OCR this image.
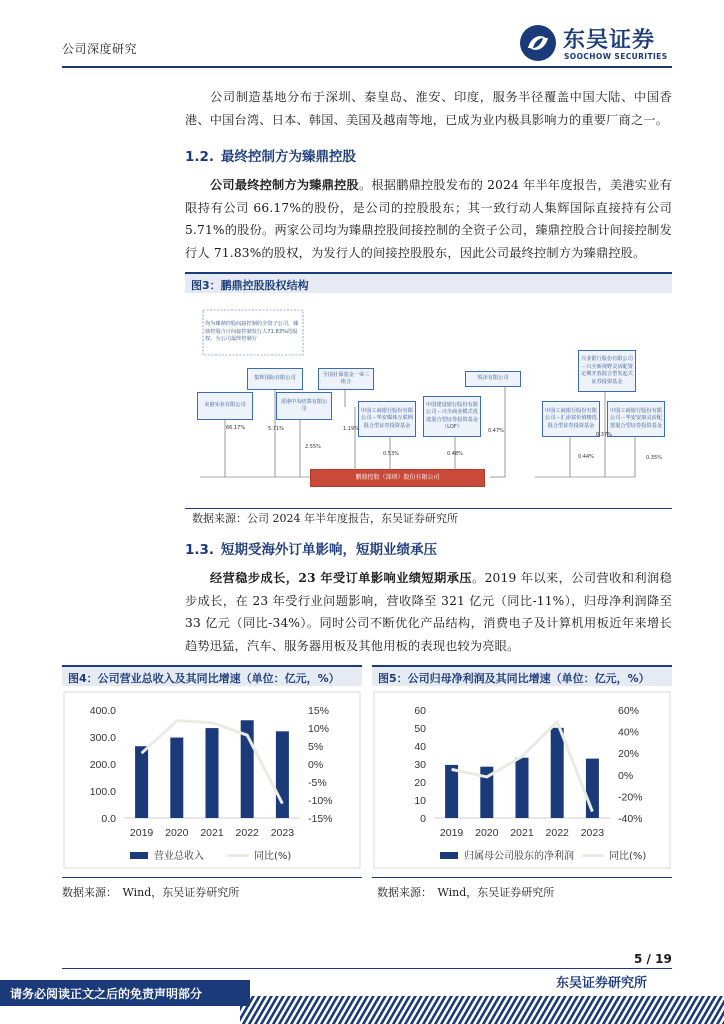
公司深度研究	东吴证券
SOOCHOW SECURITIES

公司制造基地分布于深圳、秦皇岛、淮安、印度，服务半径覆盖中国大陆、中国香港、中国台湾、日本、韩国、美国及越南等地，已成为业内极具影响力的重要厂商之一。

1.2. 最终控制方为臻鼎控股

公司最终控制方为臻鼎控股。根据鹏鼎控股发布的 2024 年半年度报告，美港实业有限持有公司 66.17%的股份，是公司的控股股东；其一致行动人集辉国际直接持有公司 5.71%的股份。两家公司均为臻鼎控股间接控制的全资子公司，臻鼎控股合计间接控制发行人 71.83%的股权，为发行人的间接控股股东，因此公司最终控制方为臻鼎控股。

图3：鹏鼎控股股权结构
均为臻鼎控股间接控制的全资子公司，臻鼎控股合计间接控制发行人71.83%的股权，为公司最终控制方
美港实业有限公司
集辉国际有限公司
香港中央结算有限公司
全国社保基金一零三组合
中国工商银行股份有限公司－华安媒体互联网混合型证券投资基金
中国建设银行股份有限公司－兴全商业模式优选混合型证券投资基金（LOF）
锐泽有限公司
中国工商银行股份有限公司－汇添富价值精选混合型证券投资基金
兴业银行股份有限公司－兴全新视野灵活配置定期开放混合型发起式证券投资基金
中国工商银行股份有限公司－华安安康灵活配置混合型证券投资基金
鹏鼎控股（深圳）股份有限公司
66.17%	5.71%
2.55%
1.19%
0.53%	0.48%
0.47%
0.44%
0.37%
0.35%
数据来源：公司 2024 年半年度报告，东吴证券研究所
1.3. 短期受海外订单影响，短期业绩承压

经营稳步成长，23 年受订单影响业绩短期承压。2019 年以来，公司营收和利润稳步成长，在 23 年受行业问题影响，营收降至 321 亿元（同比-11%），归母净利润降至 33 亿元（同比-34%）。同时公司不断优化产品结构，消费电子及计算机用板近年来增长趋势迅猛，汽车、服务器用板及其他用板的表现也较为亮眼。

图4：公司营业总收入及其同比增速（单位：亿元，%）
400.0
300.0
200.0
100.0
0.0
15%
10%
5%
0%
-5%
-10%
-15%
2019 2020 2021 2022 2023
营业总收入	同比(%)
数据来源：　Wind，东吴证券研究所
图5：公司归母净利润及其同比增速（单位：亿元，%）
60
50
40
30
20
10
0
60%
40%
20%
0%
-20%
-40%
2019 2020 2021 2022 2023
归属母公司股东的净利润	同比(%)
数据来源：　Wind，东吴证券研究所
5 / 19
东吴证券研究所
请务必阅读正文之后的免责声明部分
